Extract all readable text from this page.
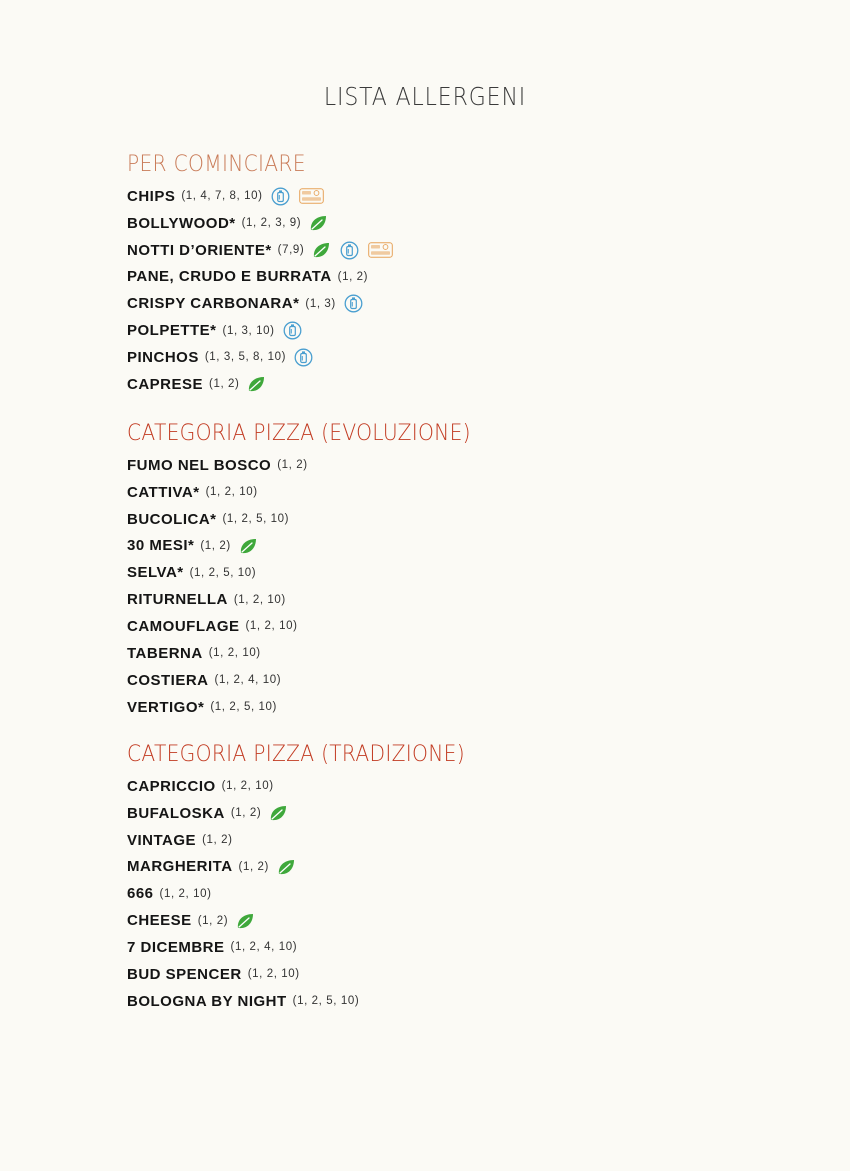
LISTA ALLERGENI
PER COMINCIARE
CHIPS (1, 4, 7, 8, 10)
BOLLYWOOD* (1, 2, 3, 9)
NOTTI D’ORIENTE* (7,9)
PANE, CRUDO E BURRATA (1, 2)
CRISPY CARBONARA* (1, 3)
POLPETTE* (1, 3, 10)
PINCHOS (1, 3, 5, 8, 10)
CAPRESE (1, 2)
CATEGORIA PIZZA (EVOLUZIONE)
FUMO NEL BOSCO (1, 2)
CATTIVA* (1, 2, 10)
BUCOLICA* (1, 2, 5, 10)
30 MESI* (1, 2)
SELVA* (1, 2, 5, 10)
RITURNELLA (1, 2, 10)
CAMOUFLAGE (1, 2, 10)
TABERNA (1, 2, 10)
COSTIERA (1, 2, 4, 10)
VERTIGO* (1, 2, 5, 10)
CATEGORIA PIZZA (TRADIZIONE)
CAPRICCIO (1, 2, 10)
BUFALOSKA (1, 2)
VINTAGE (1, 2)
MARGHERITA (1, 2)
666 (1, 2, 10)
CHEESE (1, 2)
7 DICEMBRE (1, 2, 4, 10)
BUD SPENCER (1, 2, 10)
BOLOGNA BY NIGHT (1, 2, 5, 10)
